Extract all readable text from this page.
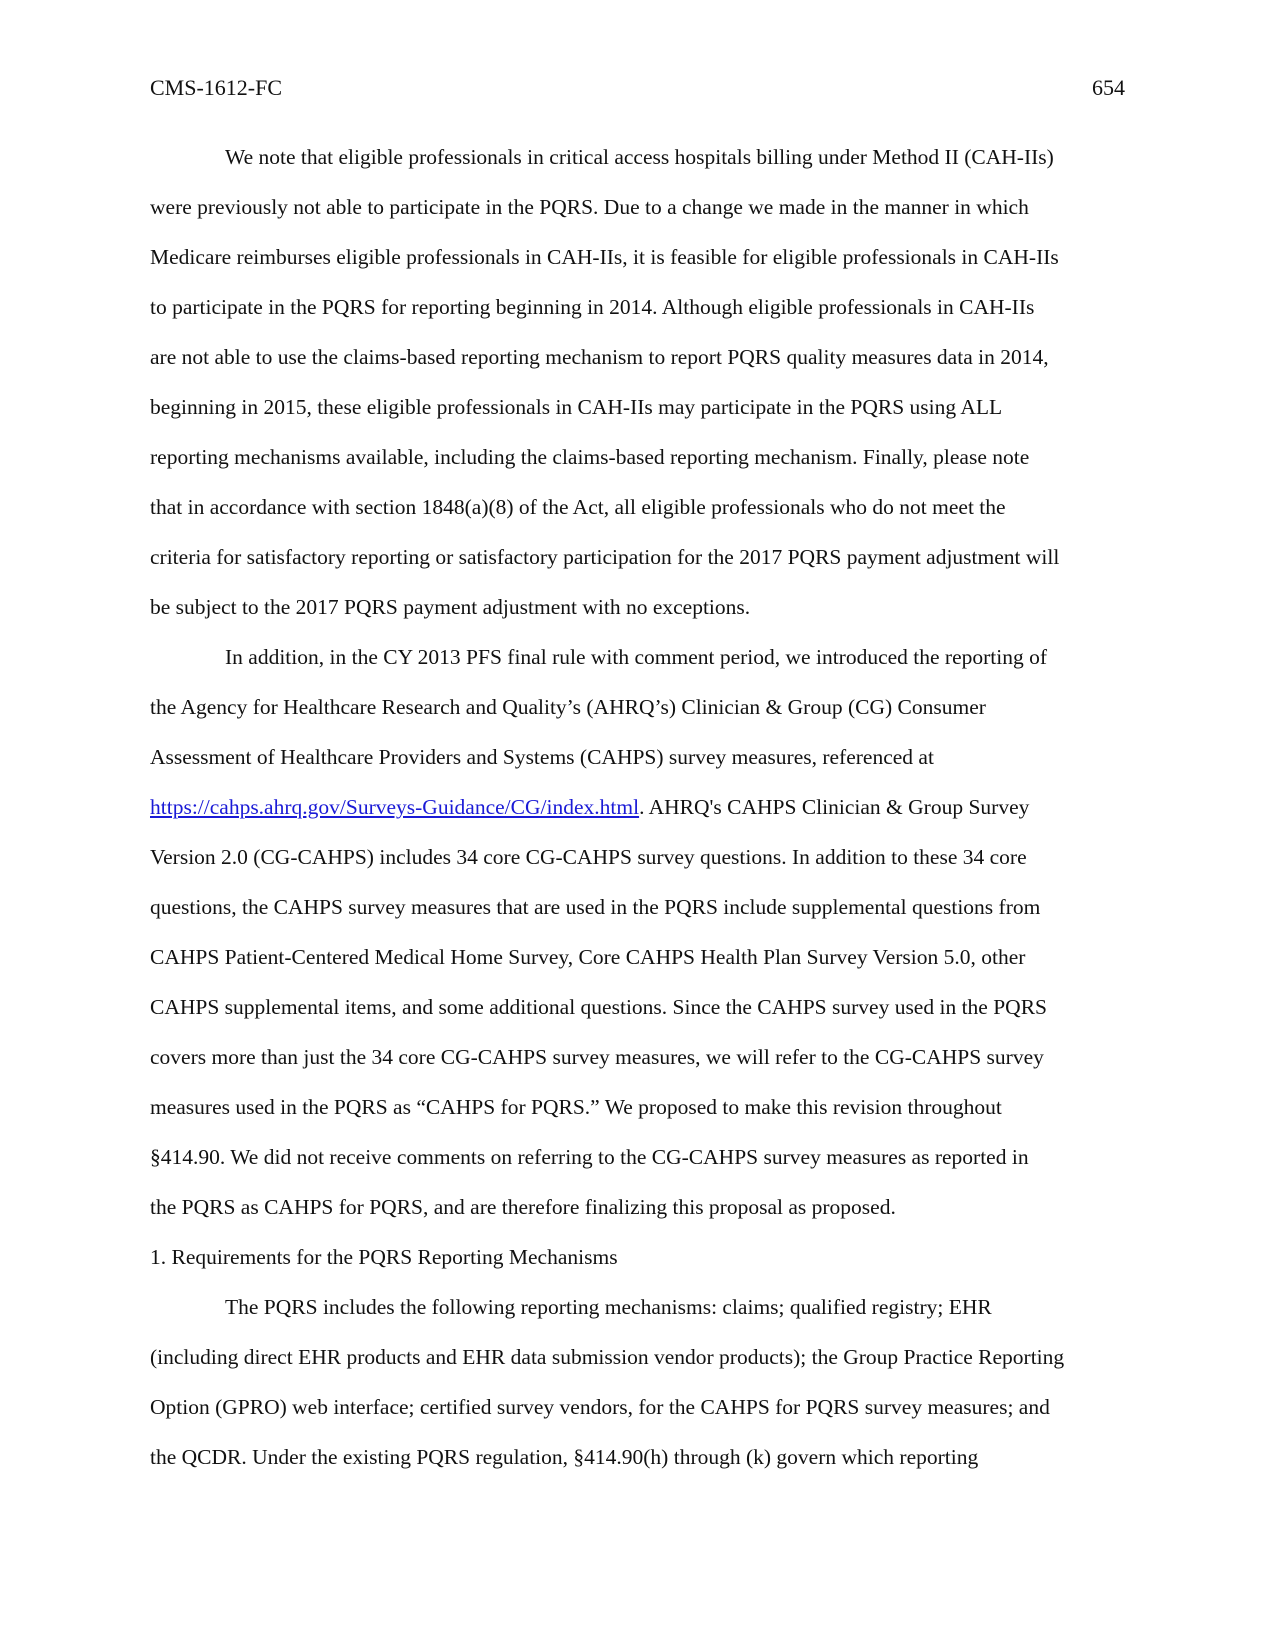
CMS-1612-FC	654
We note that eligible professionals in critical access hospitals billing under Method II (CAH-IIs)
were previously not able to participate in the PQRS. Due to a change we made in the manner in which
Medicare reimburses eligible professionals in CAH-IIs, it is feasible for eligible professionals in CAH-IIs
to participate in the PQRS for reporting beginning in 2014. Although eligible professionals in CAH-IIs
are not able to use the claims-based reporting mechanism to report PQRS quality measures data in 2014,
beginning in 2015, these eligible professionals in CAH-IIs may participate in the PQRS using ALL
reporting mechanisms available, including the claims-based reporting mechanism. Finally, please note
that in accordance with section 1848(a)(8) of the Act, all eligible professionals who do not meet the
criteria for satisfactory reporting or satisfactory participation for the 2017 PQRS payment adjustment will
be subject to the 2017 PQRS payment adjustment with no exceptions.
In addition, in the CY 2013 PFS final rule with comment period, we introduced the reporting of
the Agency for Healthcare Research and Quality’s (AHRQ’s) Clinician & Group (CG) Consumer
Assessment of Healthcare Providers and Systems (CAHPS) survey measures, referenced at
https://cahps.ahrq.gov/Surveys-Guidance/CG/index.html. AHRQ's CAHPS Clinician & Group Survey
Version 2.0 (CG-CAHPS) includes 34 core CG-CAHPS survey questions. In addition to these 34 core
questions, the CAHPS survey measures that are used in the PQRS include supplemental questions from
CAHPS Patient-Centered Medical Home Survey, Core CAHPS Health Plan Survey Version 5.0, other
CAHPS supplemental items, and some additional questions. Since the CAHPS survey used in the PQRS
covers more than just the 34 core CG-CAHPS survey measures, we will refer to the CG-CAHPS survey
measures used in the PQRS as “CAHPS for PQRS.” We proposed to make this revision throughout
§414.90. We did not receive comments on referring to the CG-CAHPS survey measures as reported in
the PQRS as CAHPS for PQRS, and are therefore finalizing this proposal as proposed.
1. Requirements for the PQRS Reporting Mechanisms
The PQRS includes the following reporting mechanisms: claims; qualified registry; EHR
(including direct EHR products and EHR data submission vendor products); the Group Practice Reporting
Option (GPRO) web interface; certified survey vendors, for the CAHPS for PQRS survey measures; and
the QCDR. Under the existing PQRS regulation, §414.90(h) through (k) govern which reporting
